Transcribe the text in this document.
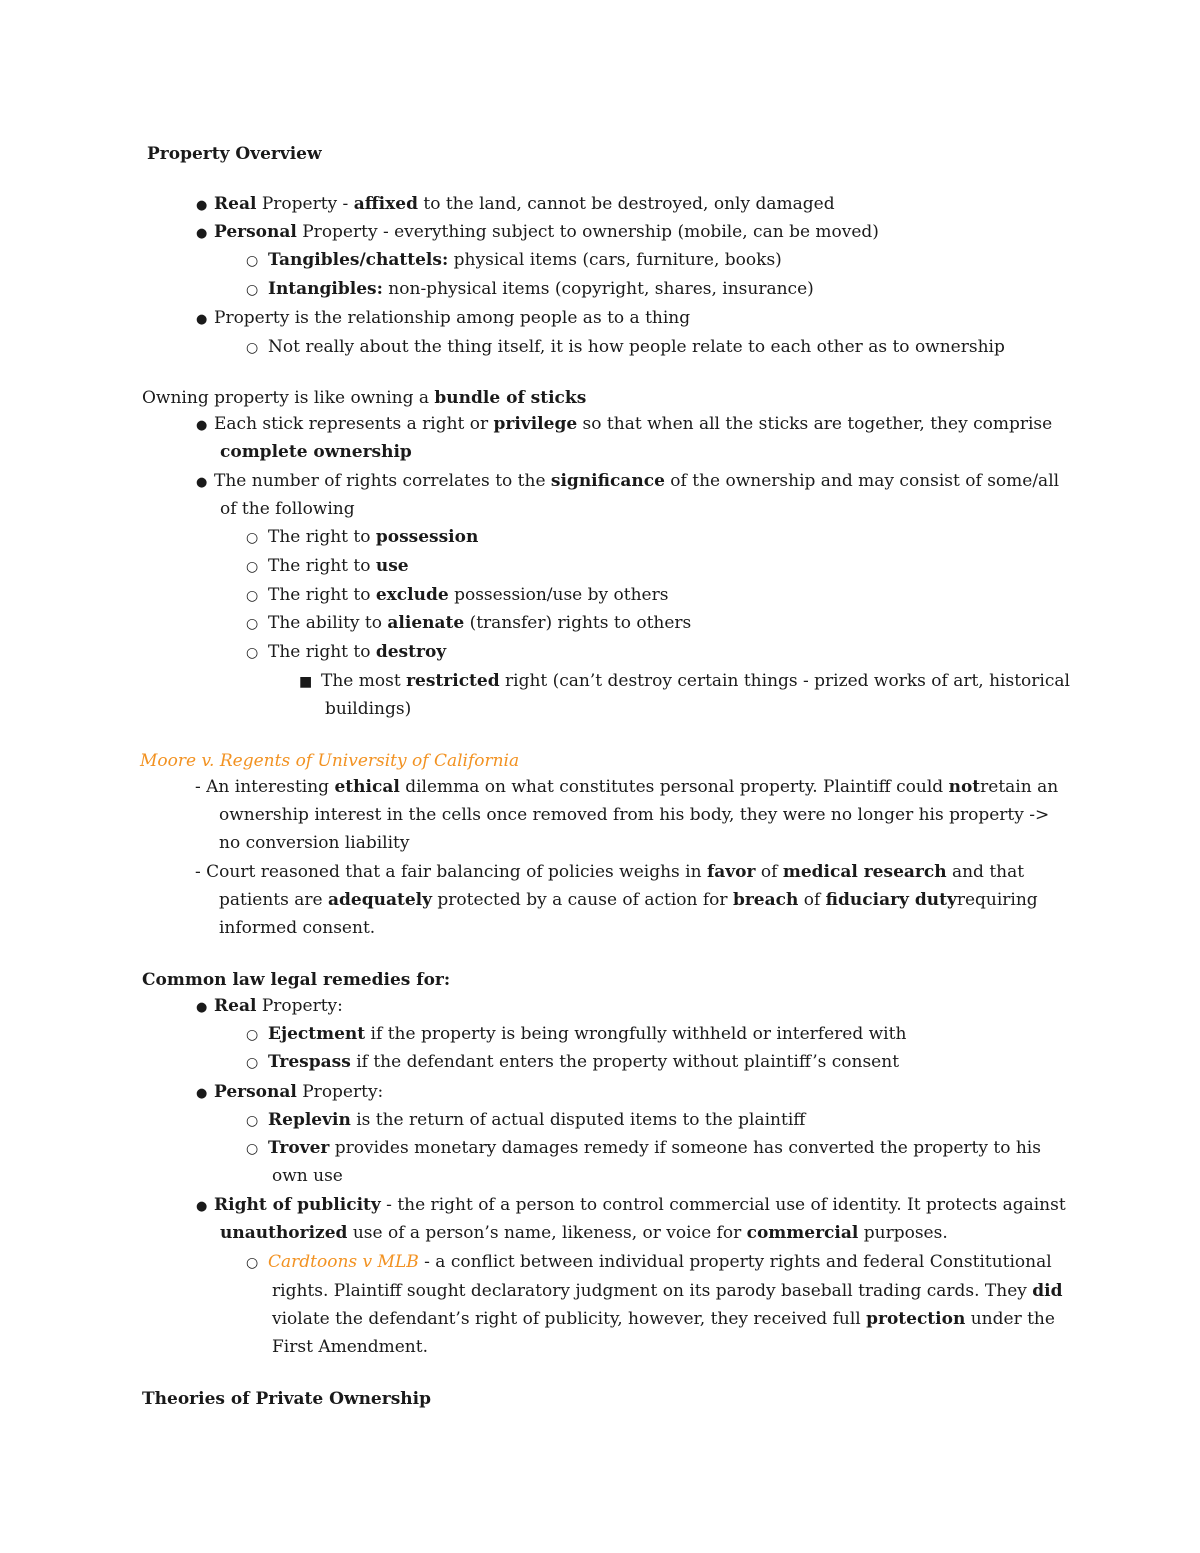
Property Overview
● Real Property - affixed to the land, cannot be destroyed, only damaged
● Personal Property - everything subject to ownership (mobile, can be moved)
○ Tangibles/chattels: physical items (cars, furniture, books)
○ Intangibles: non-physical items (copyright, shares, insurance)
● Property is the relationship among people as to a thing
○ Not really about the thing itself, it is how people relate to each other as to ownership
Owning property is like owning a bundle of sticks
● Each stick represents a right or privilege so that when all the sticks are together, they comprise
complete ownership
● The number of rights correlates to the significance of the ownership and may consist of some/all
of the following
○ The right to possession
○ The right to use
○ The right to exclude possession/use by others
○ The ability to alienate (transfer) rights to others
○ The right to destroy
■ The most restricted right (can’t destroy certain things - prized works of art, historical
buildings)
Moore v. Regents of University of California
- An interesting ethical dilemma on what constitutes personal property. Plaintiff could notretain an
ownership interest in the cells once removed from his body, they were no longer his property ->
no conversion liability
- Court reasoned that a fair balancing of policies weighs in favor of medical research and that
patients are adequately protected by a cause of action for breach of fiduciary dutyrequiring
informed consent.
Common law legal remedies for:
● Real Property:
○ Ejectment if the property is being wrongfully withheld or interfered with
○ Trespass if the defendant enters the property without plaintiff’s consent
● Personal Property:
○ Replevin is the return of actual disputed items to the plaintiff
○ Trover provides monetary damages remedy if someone has converted the property to his
own use
● Right of publicity - the right of a person to control commercial use of identity. It protects against
unauthorized use of a person’s name, likeness, or voice for commercial purposes.
○ Cardtoons v MLB - a conflict between individual property rights and federal Constitutional
rights. Plaintiff sought declaratory judgment on its parody baseball trading cards. They did
violate the defendant’s right of publicity, however, they received full protection under the
First Amendment.
Theories of Private Ownership
